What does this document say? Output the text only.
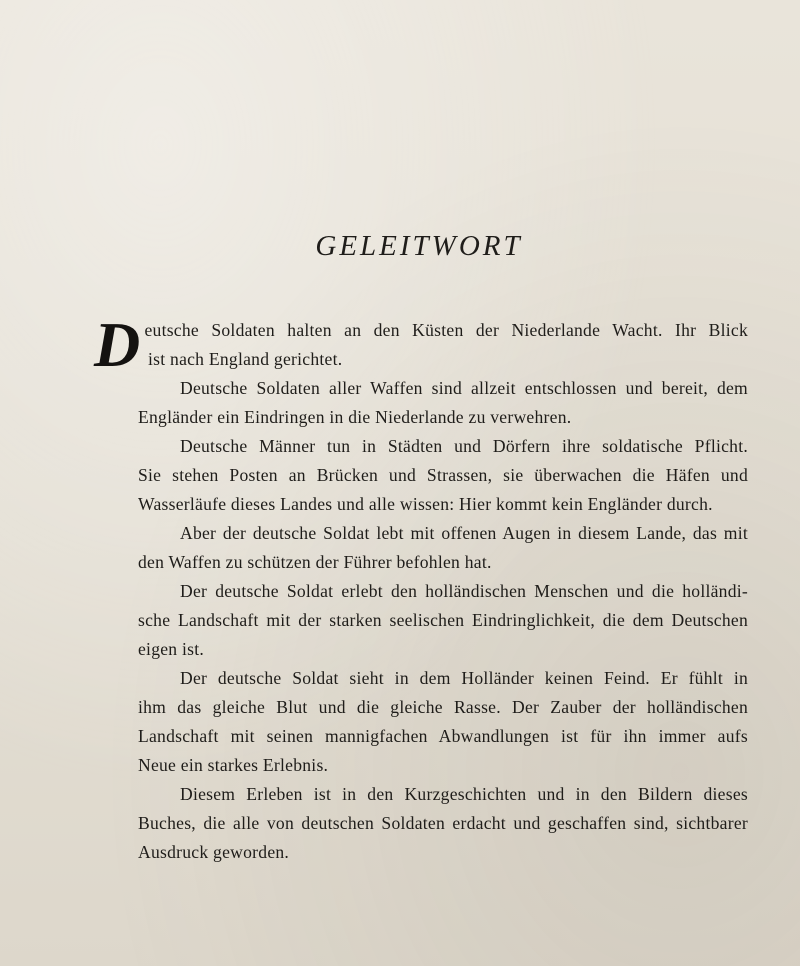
GELEITWORT
D eutsche Soldaten halten an den Küsten der Niederlande Wacht. Ihr Blick
ist nach England gerichtet.
Deutsche Soldaten aller Waffen sind allzeit entschlossen und bereit, dem
Engländer ein Eindringen in die Niederlande zu verwehren.
Deutsche Männer tun in Städten und Dörfern ihre soldatische Pflicht.
Sie stehen Posten an Brücken und Strassen, sie überwachen die Häfen und
Wasserläufe dieses Landes und alle wissen: Hier kommt kein Engländer durch.
Aber der deutsche Soldat lebt mit offenen Augen in diesem Lande, das mit
den Waffen zu schützen der Führer befohlen hat.
Der deutsche Soldat erlebt den holländischen Menschen und die holländi-
sche Landschaft mit der starken seelischen Eindringlichkeit, die dem Deutschen
eigen ist.
Der deutsche Soldat sieht in dem Holländer keinen Feind. Er fühlt in
ihm das gleiche Blut und die gleiche Rasse. Der Zauber der holländischen
Landschaft mit seinen mannigfachen Abwandlungen ist für ihn immer aufs
Neue ein starkes Erlebnis.
Diesem Erleben ist in den Kurzgeschichten und in den Bildern dieses
Buches, die alle von deutschen Soldaten erdacht und geschaffen sind, sichtbarer
Ausdruck geworden.
